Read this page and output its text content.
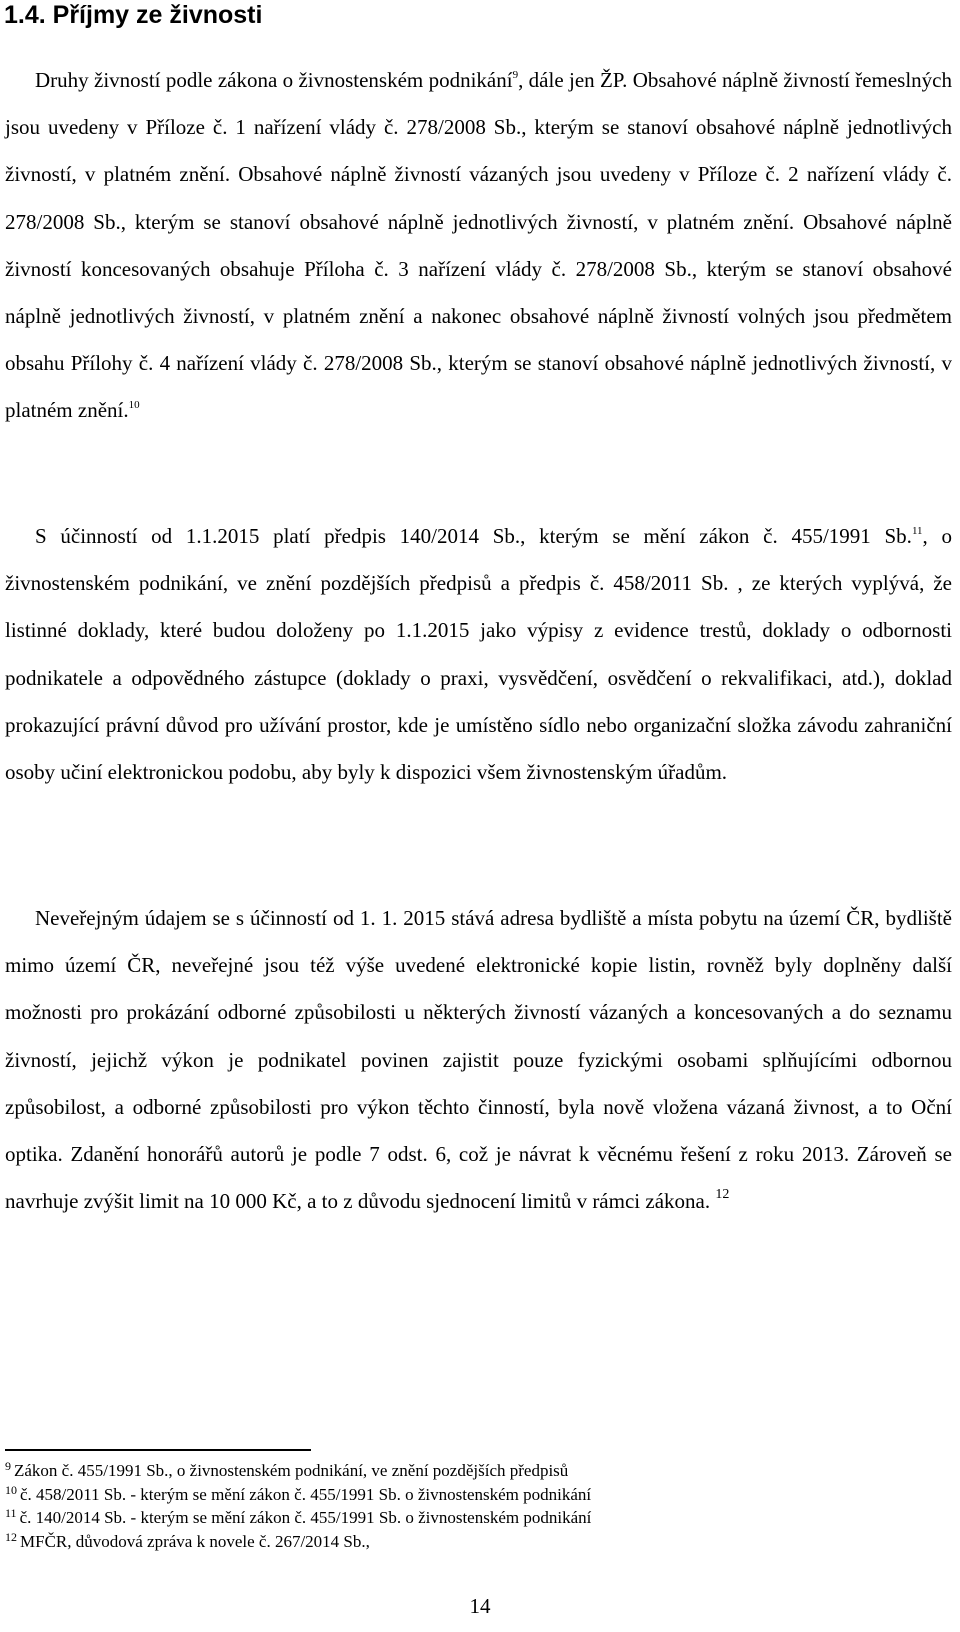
1.4. Příjmy ze živnosti
Druhy živností podle zákona o živnostenském podnikání$^9$, dále jen ŽP. Obsahové náplně živností řemeslných jsou uvedeny v Příloze č. 1 nařízení vlády č. 278/2008 Sb., kterým se stanoví obsahové náplně jednotlivých živností, v platném znění. Obsahové náplně živností vázaných jsou uvedeny v Příloze č. 2 nařízení vlády č. 278/2008 Sb., kterým se stanoví obsahové náplně jednotlivých živností, v platném znění. Obsahové náplně živností koncesovaných obsahuje Příloha č. 3 nařízení vlády č. 278/2008 Sb., kterým se stanoví obsahové náplně jednotlivých živností, v platném znění a nakonec obsahové náplně živností volných jsou předmětem obsahu Přílohy č. 4 nařízení vlády č. 278/2008 Sb., kterým se stanoví obsahové náplně jednotlivých živností, v platném znění.$^{10}$
S účinností od 1.1.2015 platí předpis 140/2014 Sb., kterým se mění zákon č. 455/1991 Sb.$^{11}$, o živnostenském podnikání, ve znění pozdějších předpisů a předpis č. 458/2011 Sb. , ze kterých vyplývá, že listinné doklady, které budou doloženy po 1.1.2015 jako výpisy z evidence trestů, doklady o odbornosti podnikatele a odpovědného zástupce (doklady o praxi, vysvědčení, osvědčení o rekvalifikaci, atd.), doklad prokazující právní důvod pro užívání prostor, kde je umístěno sídlo nebo organizační složka závodu zahraniční osoby učiní elektronickou podobu, aby byly k dispozici všem živnostenským úřadům.
Neveřejným údajem se s účinností od 1. 1. 2015 stává adresa bydliště a místa pobytu na území ČR, bydliště mimo území ČR, neveřejné jsou též výše uvedené elektronické kopie listin, rovněž byly doplněny další možnosti pro prokázání odborné způsobilosti u některých živností vázaných a koncesovaných a do seznamu živností, jejichž výkon je podnikatel povinen zajistit pouze fyzickými osobami splňujícími odbornou způsobilost, a odborné způsobilosti pro výkon těchto činností, byla nově vložena vázaná živnost, a to Oční optika. Zdanění honorářů autorů je podle 7 odst. 6, což je návrat k věcnému řešení z roku 2013. Zároveň se navrhuje zvýšit limit na 10 000 Kč, a to z důvodu sjednocení limitů v rámci zákona. $^{12}$
$^9$ Zákon č. 455/1991 Sb., o živnostenském podnikání, ve znění pozdějších předpisů
$^{10}$ č. 458/2011 Sb. - kterým se mění zákon č. 455/1991 Sb. o živnostenském podnikání
$^{11}$ č. 140/2014 Sb. - kterým se mění zákon č. 455/1991 Sb. o živnostenském podnikání
$^{12}$ MFČR, důvodová zpráva k novele č. 267/2014 Sb.,
14
